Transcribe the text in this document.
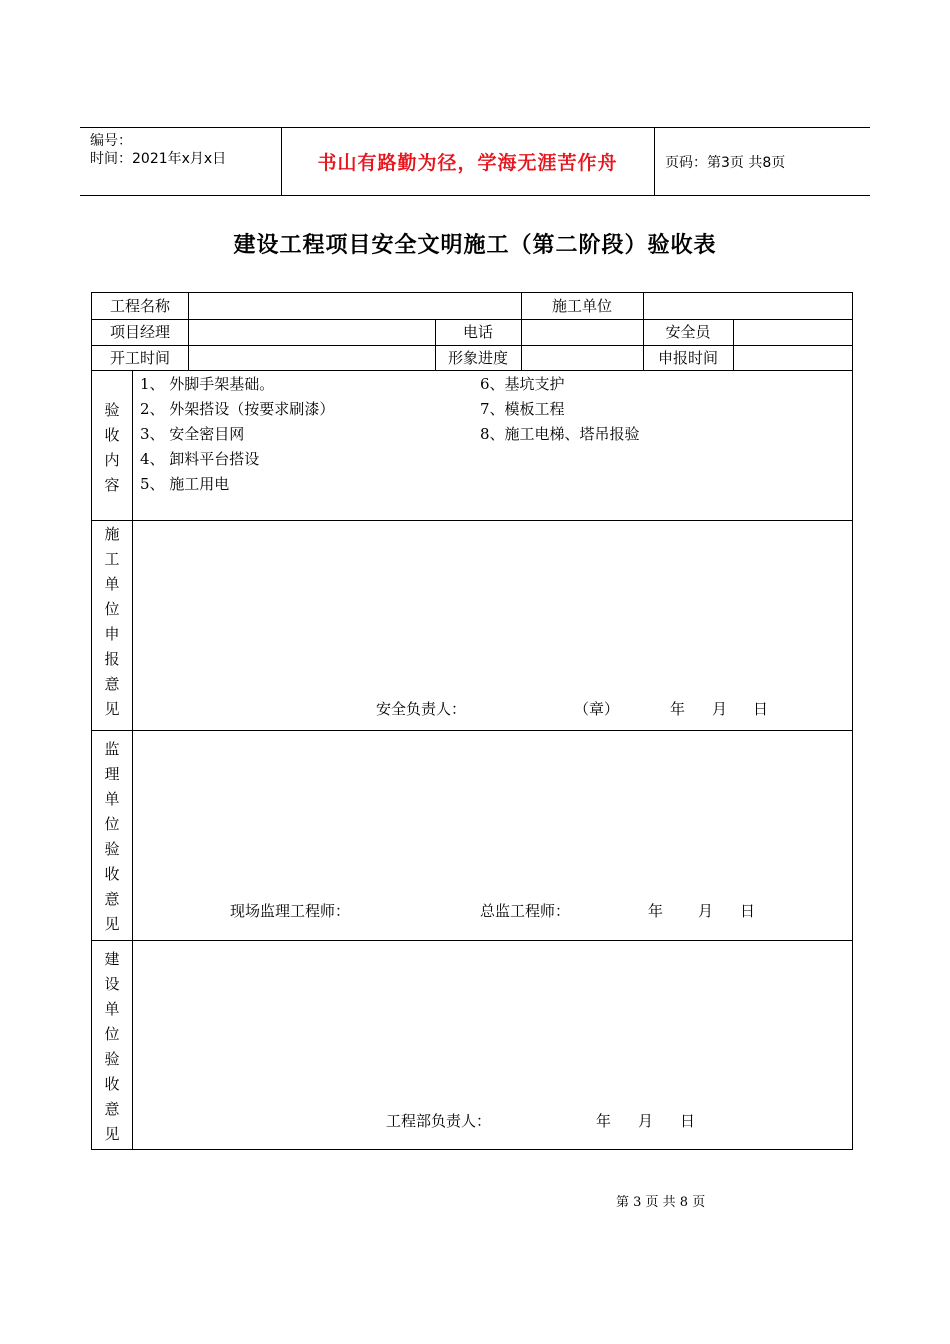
编号：
时间：2021年x月x日	书山有路勤为径，学海无涯苦作舟	页码：第3页 共8页
建设工程项目安全文明施工（第二阶段）验收表
工程名称	施工单位
项目经理	电话	安全员
开工时间	形象进度	申报时间
验
收
内
容
1、 外脚手架基础。
2、 外架搭设（按要求刷漆）
3、 安全密目网
4、 卸料平台搭设
5、 施工用电
6、基坑支护
7、模板工程
8、施工电梯、塔吊报验
施
工
单
位
申
报
意
见	安全负责人：	（章）	年 月 日
监
理
单
位
验
收
意
见
现场监理工程师：	总监工程师：	年 月 日
建
设
单
位
验
收
意
见
工程部负责人：	年 月 日
第 3 页 共 8 页
